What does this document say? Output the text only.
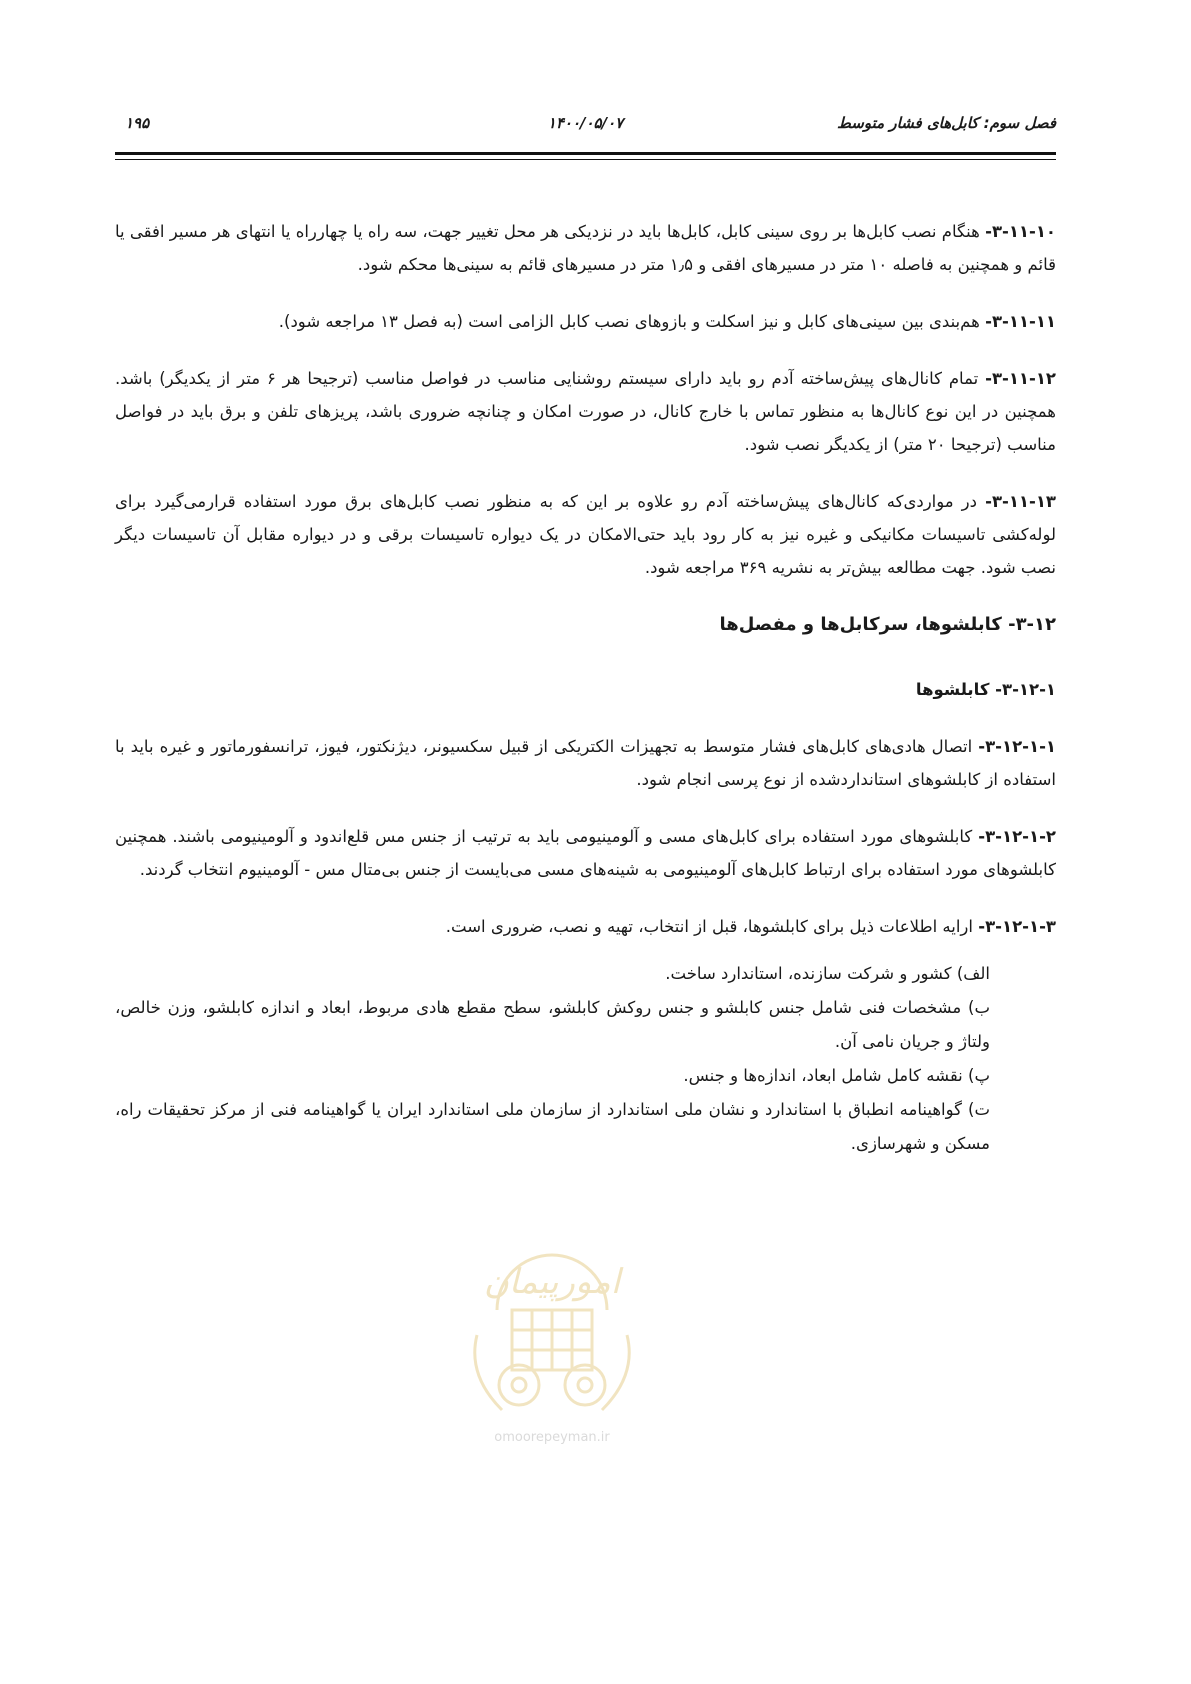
فصل سوم: کابل‌های فشار متوسط
۱۴۰۰/۰۵/۰۷
۱۹۵

۳-۱۱-۱۰- هنگام نصب کابل‌ها بر روی سینی کابل، کابل‌ها باید در نزدیکی هر محل تغییر جهت، سه راه یا چهارراه یا انتهای هر مسیر افقی یا قائم و همچنین به فاصله ۱۰ متر در مسیرهای افقی و ۱٫۵ متر در مسیرهای قائم به سینی‌ها محکم شود.

۳-۱۱-۱۱- هم‌بندی بین سینی‌های کابل و نیز اسکلت و بازوهای نصب کابل الزامی است (به فصل ۱۳ مراجعه شود).

۳-۱۱-۱۲- تمام کانال‌های پیش‌ساخته آدم رو باید دارای سیستم روشنایی مناسب در فواصل مناسب (ترجیحا هر ۶ متر از یکدیگر) باشد. همچنین در این نوع کانال‌ها به منظور تماس با خارج کانال، در صورت امکان و چنانچه ضروری باشد، پریزهای تلفن و برق باید در فواصل مناسب (ترجیحا ۲۰ متر) از یکدیگر نصب شود.

۳-۱۱-۱۳- در مواردی‌که کانال‌های پیش‌ساخته آدم رو علاوه بر این که به منظور نصب کابل‌های برق مورد استفاده قرارمی‌گیرد برای لوله‌کشی تاسیسات مکانیکی و غیره نیز به کار رود باید حتی‌الامکان در یک دیواره تاسیسات برقی و در دیواره مقابل آن تاسیسات دیگر نصب شود. جهت مطالعه بیش‌تر به نشریه ۳۶۹ مراجعه شود.

۳-۱۲- کابلشوها، سرکابل‌ها و مفصل‌ها

۳-۱۲-۱- کابلشوها

۳-۱۲-۱-۱- اتصال هادی‌های کابل‌های فشار متوسط به تجهیزات الکتریکی از قبیل سکسیونر، دیژنکتور، فیوز، ترانسفورماتور و غیره باید با استفاده از کابلشوهای استانداردشده از نوع پرسی انجام شود.

۳-۱۲-۱-۲- کابلشوهای مورد استفاده برای کابل‌های مسی و آلومینیومی باید به ترتیب از جنس مس قلع‌اندود و آلومینیومی باشند. همچنین کابلشوهای مورد استفاده برای ارتباط کابل‌های آلومینیومی به شینه‌های مسی می‌بایست از جنس بی‌متال مس - آلومینیوم انتخاب گردند.

۳-۱۲-۱-۳- ارایه اطلاعات ذیل برای کابلشوها، قبل از انتخاب، تهیه و نصب، ضروری است.

الف) کشور و شرکت سازنده، استاندارد ساخت.

ب) مشخصات فنی شامل جنس کابلشو و جنس روکش کابلشو، سطح مقطع هادی مربوط، ابعاد و اندازه کابلشو، وزن خالص، ولتاژ و جریان نامی آن.

پ) نقشه کامل شامل ابعاد، اندازه‌ها و جنس.

ت) گواهینامه انطباق با استاندارد و نشان ملی استاندارد از سازمان ملی استاندارد ایران یا گواهینامه فنی از مرکز تحقیقات راه، مسکن و شهرسازی.

امورپیمان
omoorepeyman.ir
